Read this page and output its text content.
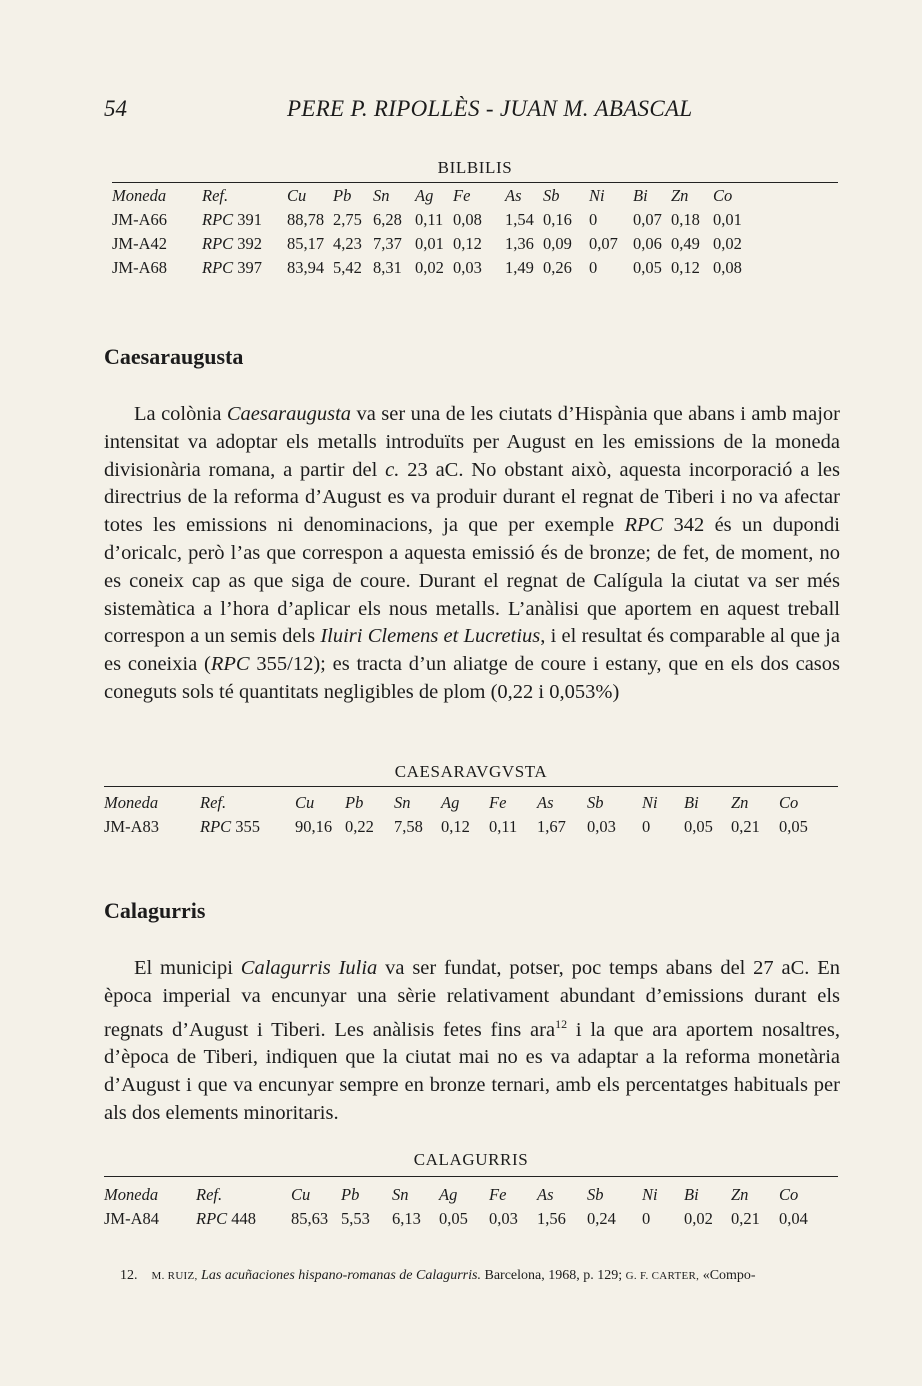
54	PERE P. RIPOLLÈS - JUAN M. ABASCAL
BILBILIS
Moneda	Ref.	Cu	Pb	Sn	Ag	Fe	As	Sb	Ni	Bi	Zn	Co
JM-A66	RPC 391	88,78	2,75	6,28	0,11	0,08	1,54	0,16	0	0,07	0,18	0,01
JM-A42	RPC 392	85,17	4,23	7,37	0,01	0,12	1,36	0,09	0,07	0,06	0,49	0,02
JM-A68	RPC 397	83,94	5,42	8,31	0,02	0,03	1,49	0,26	0	0,05	0,12	0,08
Caesaraugusta
La colònia Caesaraugusta va ser una de les ciutats d’Hispània que abans i amb major intensitat va adoptar els metalls introduïts per August en les emissions de la moneda divisionària romana, a partir del c. 23 aC. No obstant això, aquesta incorporació a les directrius de la reforma d’August es va produir durant el regnat de Tiberi i no va afectar totes les emissions ni denominacions, ja que per exemple RPC 342 és un dupondi d’oricalc, però l’as que correspon a aquesta emissió és de bronze; de fet, de moment, no es coneix cap as que siga de coure. Durant el regnat de Calígula la ciutat va ser més sistemàtica a l’hora d’aplicar els nous metalls. L’anàlisi que aportem en aquest treball correspon a un semis dels Iluiri Clemens et Lucretius, i el resultat és comparable al que ja es coneixia (RPC 355/12); es tracta d’un aliatge de coure i estany, que en els dos casos coneguts sols té quantitats negligibles de plom (0,22 i 0,053%)
CAESARAVGVSTA
Moneda	Ref.	Cu	Pb	Sn	Ag	Fe	As	Sb	Ni	Bi	Zn	Co
JM-A83	RPC 355	90,16	0,22	7,58	0,12	0,11	1,67	0,03	0	0,05	0,21	0,05
Calagurris
El municipi Calagurris Iulia va ser fundat, potser, poc temps abans del 27 aC. En època imperial va encunyar una sèrie relativament abundant d’emissions durant els regnats d’August i Tiberi. Les anàlisis fetes fins ara$^{12}$ i la que ara aportem nosaltres, d’època de Tiberi, indiquen que la ciutat mai no es va adaptar a la reforma monetària d’August i que va encunyar sempre en bronze ternari, amb els percentatges habituals per als dos elements minoritaris.
CALAGURRIS
Moneda	Ref.	Cu	Pb	Sn	Ag	Fe	As	Sb	Ni	Bi	Zn	Co
JM-A84	RPC 448	85,63	5,53	6,13	0,05	0,03	1,56	0,24	0	0,02	0,21	0,04
12. M. RUIZ, Las acuñaciones hispano-romanas de Calagurris. Barcelona, 1968, p. 129; G. F. CARTER, «Compo-
